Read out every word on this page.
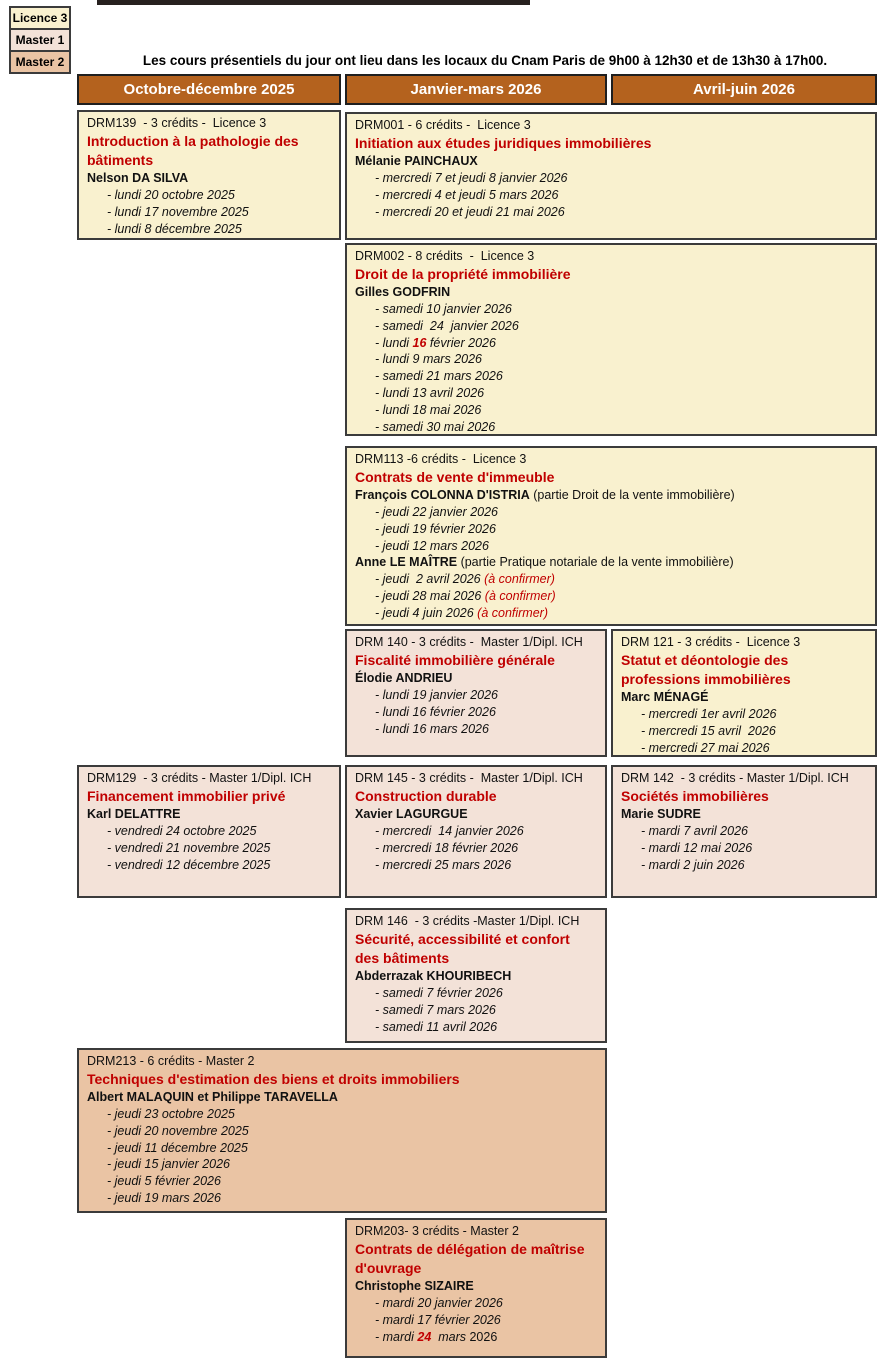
Licence 3
Master 1
Master 2	Les cours présentiels du jour ont lieu dans les locaux du Cnam Paris de 9h00 à 12h30 et de 13h30 à 17h00.
Octobre-décembre 2025	Janvier-mars 2026	Avril-juin 2026
DRM139  - 3 crédits -  Licence 3
Introduction à la pathologie des bâtiments
Nelson DA SILVA
- lundi 20 octobre 2025
- lundi 17 novembre 2025
- lundi 8 décembre 2025
DRM001 - 6 crédits -  Licence 3
Initiation aux études juridiques immobilières
Mélanie PAINCHAUX
- mercredi 7 et jeudi 8 janvier 2026
- mercredi 4 et jeudi 5 mars 2026
- mercredi 20 et jeudi 21 mai 2026
DRM002 - 8 crédits  -  Licence 3
Droit de la propriété immobilière
Gilles GODFRIN
- samedi 10 janvier 2026
- samedi  24  janvier 2026
- lundi 16 février 2026
- lundi 9 mars 2026
- samedi 21 mars 2026
- lundi 13 avril 2026
- lundi 18 mai 2026
- samedi 30 mai 2026
DRM113 -6 crédits -  Licence 3
Contrats de vente d'immeuble
François COLONNA D'ISTRIA (partie Droit de la vente immobilière)
- jeudi 22 janvier 2026
- jeudi 19 février 2026
- jeudi 12 mars 2026
Anne LE MAÎTRE (partie Pratique notariale de la vente immobilière)
- jeudi  2 avril 2026 (à confirmer)
- jeudi 28 mai 2026 (à confirmer)
- jeudi 4 juin 2026 (à confirmer)
DRM 140 - 3 crédits -  Master 1/Dipl. ICH
Fiscalité immobilière générale
Élodie ANDRIEU
- lundi 19 janvier 2026
- lundi 16 février 2026
- lundi 16 mars 2026
DRM 121 - 3 crédits -  Licence 3
Statut et déontologie des professions immobilières
Marc MÉNAGÉ
- mercredi 1er avril 2026
- mercredi 15 avril  2026
- mercredi 27 mai 2026
DRM129  - 3 crédits - Master 1/Dipl. ICH
Financement immobilier privé
Karl DELATTRE
- vendredi 24 octobre 2025
- vendredi 21 novembre 2025
- vendredi 12 décembre 2025
DRM 145 - 3 crédits -  Master 1/Dipl. ICH
Construction durable
Xavier LAGURGUE
- mercredi  14 janvier 2026
- mercredi 18 février 2026
- mercredi 25 mars 2026
DRM 142  - 3 crédits - Master 1/Dipl. ICH
Sociétés immobilières
Marie SUDRE
- mardi 7 avril 2026
- mardi 12 mai 2026
- mardi 2 juin 2026
DRM 146  - 3 crédits -Master 1/Dipl. ICH
Sécurité, accessibilité et confort des bâtiments
Abderrazak KHOURIBECH
- samedi 7 février 2026
- samedi 7 mars 2026
- samedi 11 avril 2026
DRM213 - 6 crédits - Master 2
Techniques d'estimation des biens et droits immobiliers
Albert MALAQUIN et Philippe TARAVELLA
- jeudi 23 octobre 2025
- jeudi 20 novembre 2025
- jeudi 11 décembre 2025
- jeudi 15 janvier 2026
- jeudi 5 février 2026
- jeudi 19 mars 2026
DRM203- 3 crédits - Master 2
Contrats de délégation de maîtrise d'ouvrage
Christophe SIZAIRE
- mardi 20 janvier 2026
- mardi 17 février 2026
- mardi 24  mars 2026
